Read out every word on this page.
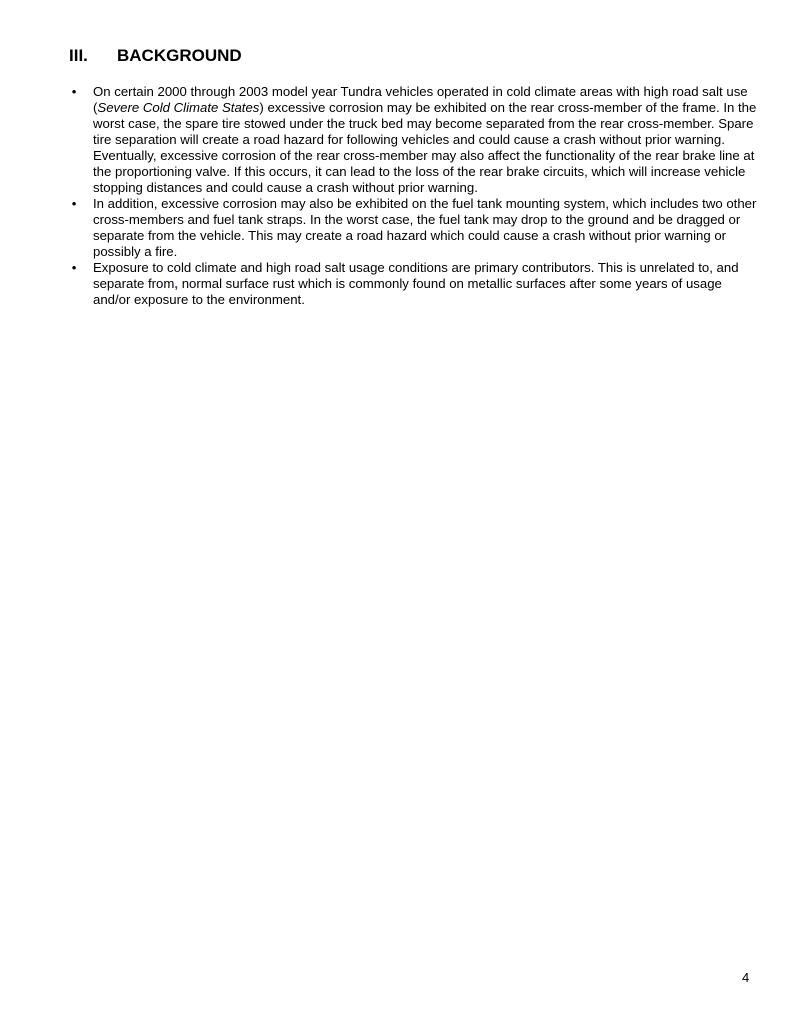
III.	BACKGROUND
• On certain 2000 through 2003 model year Tundra vehicles operated in cold climate areas with high road salt use (Severe Cold Climate States) excessive corrosion may be exhibited on the rear cross-member of the frame. In the worst case, the spare tire stowed under the truck bed may become separated from the rear cross-member. Spare tire separation will create a road hazard for following vehicles and could cause a crash without prior warning. Eventually, excessive corrosion of the rear cross-member may also affect the functionality of the rear brake line at the proportioning valve. If this occurs, it can lead to the loss of the rear brake circuits, which will increase vehicle stopping distances and could cause a crash without prior warning.
• In addition, excessive corrosion may also be exhibited on the fuel tank mounting system, which includes two other cross-members and fuel tank straps. In the worst case, the fuel tank may drop to the ground and be dragged or separate from the vehicle. This may create a road hazard which could cause a crash without prior warning or possibly a fire.
• Exposure to cold climate and high road salt usage conditions are primary contributors. This is unrelated to, and separate from, normal surface rust which is commonly found on metallic surfaces after some years of usage and/or exposure to the environment.
4
